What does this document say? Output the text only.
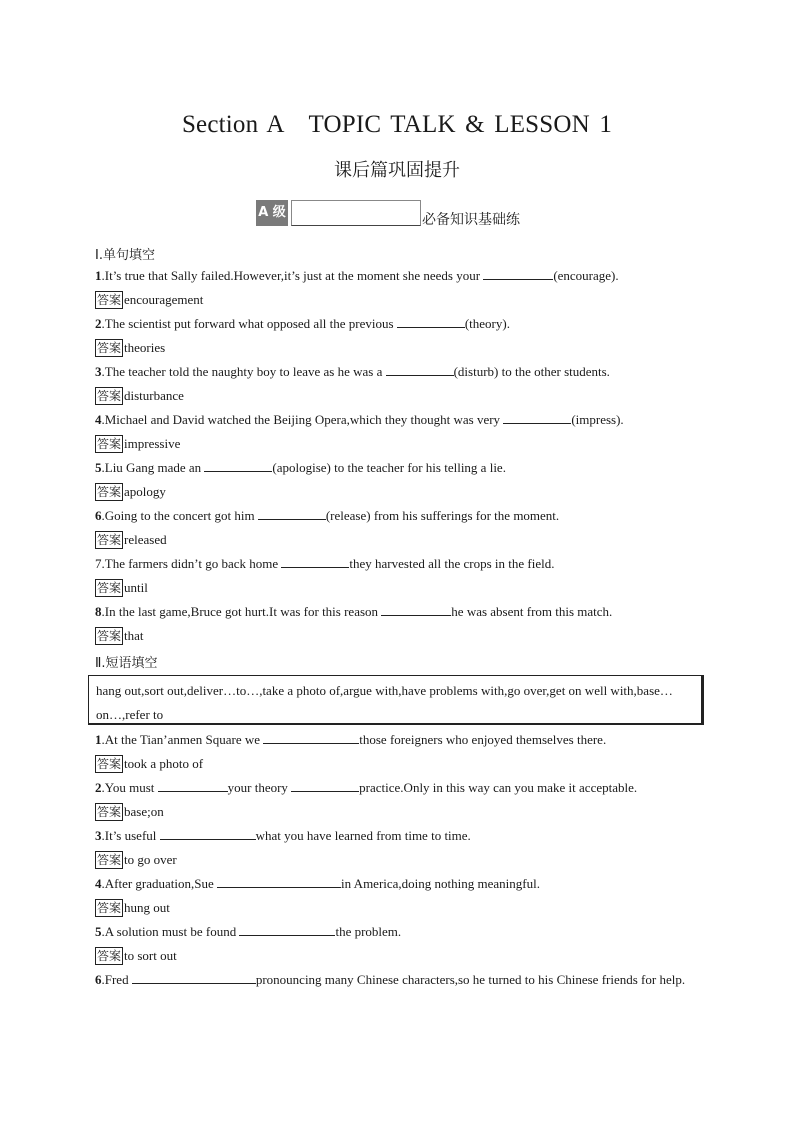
Section A　TOPIC TALK & LESSON 1
课后篇巩固提升
A 级	必备知识基础练
Ⅰ.单句填空
1.It’s true that Sally failed.However,it’s just at the moment she needs your	(encourage).
答案 encouragement
2.The scientist put forward what opposed all the previous	(theory).
答案 theories
3.The teacher told the naughty boy to leave as he was a	(disturb) to the other students.
答案 disturbance
4.Michael and David watched the Beijing Opera,which they thought was very	(impress).
答案 impressive
5.Liu Gang made an	(apologise) to the teacher for his telling a lie.
答案 apology
6.Going to the concert got him	(release) from his sufferings for the moment.
答案 released
7.The farmers didn’t go back home	they harvested all the crops in the field.
答案 until
8.In the last game,Bruce got hurt.It was for this reason	he was absent from this match.
答案 that
Ⅱ.短语填空
hang out,sort out,deliver…to…,take a photo of,argue with,have problems with,go over,get on well with,base…on…,refer to
1.At the Tian’anmen Square we	those foreigners who enjoyed themselves there.
答案 took a photo of
2.You must	your theory	practice.Only in this way can you make it acceptable.
答案 base;on
3.It’s useful	what you have learned from time to time.
答案 to go over
4.After graduation,Sue	in America,doing nothing meaningful.
答案 hung out
5.A solution must be found	the problem.
答案 to sort out
6.Fred	pronouncing many Chinese characters,so he turned to his Chinese friends for help.
